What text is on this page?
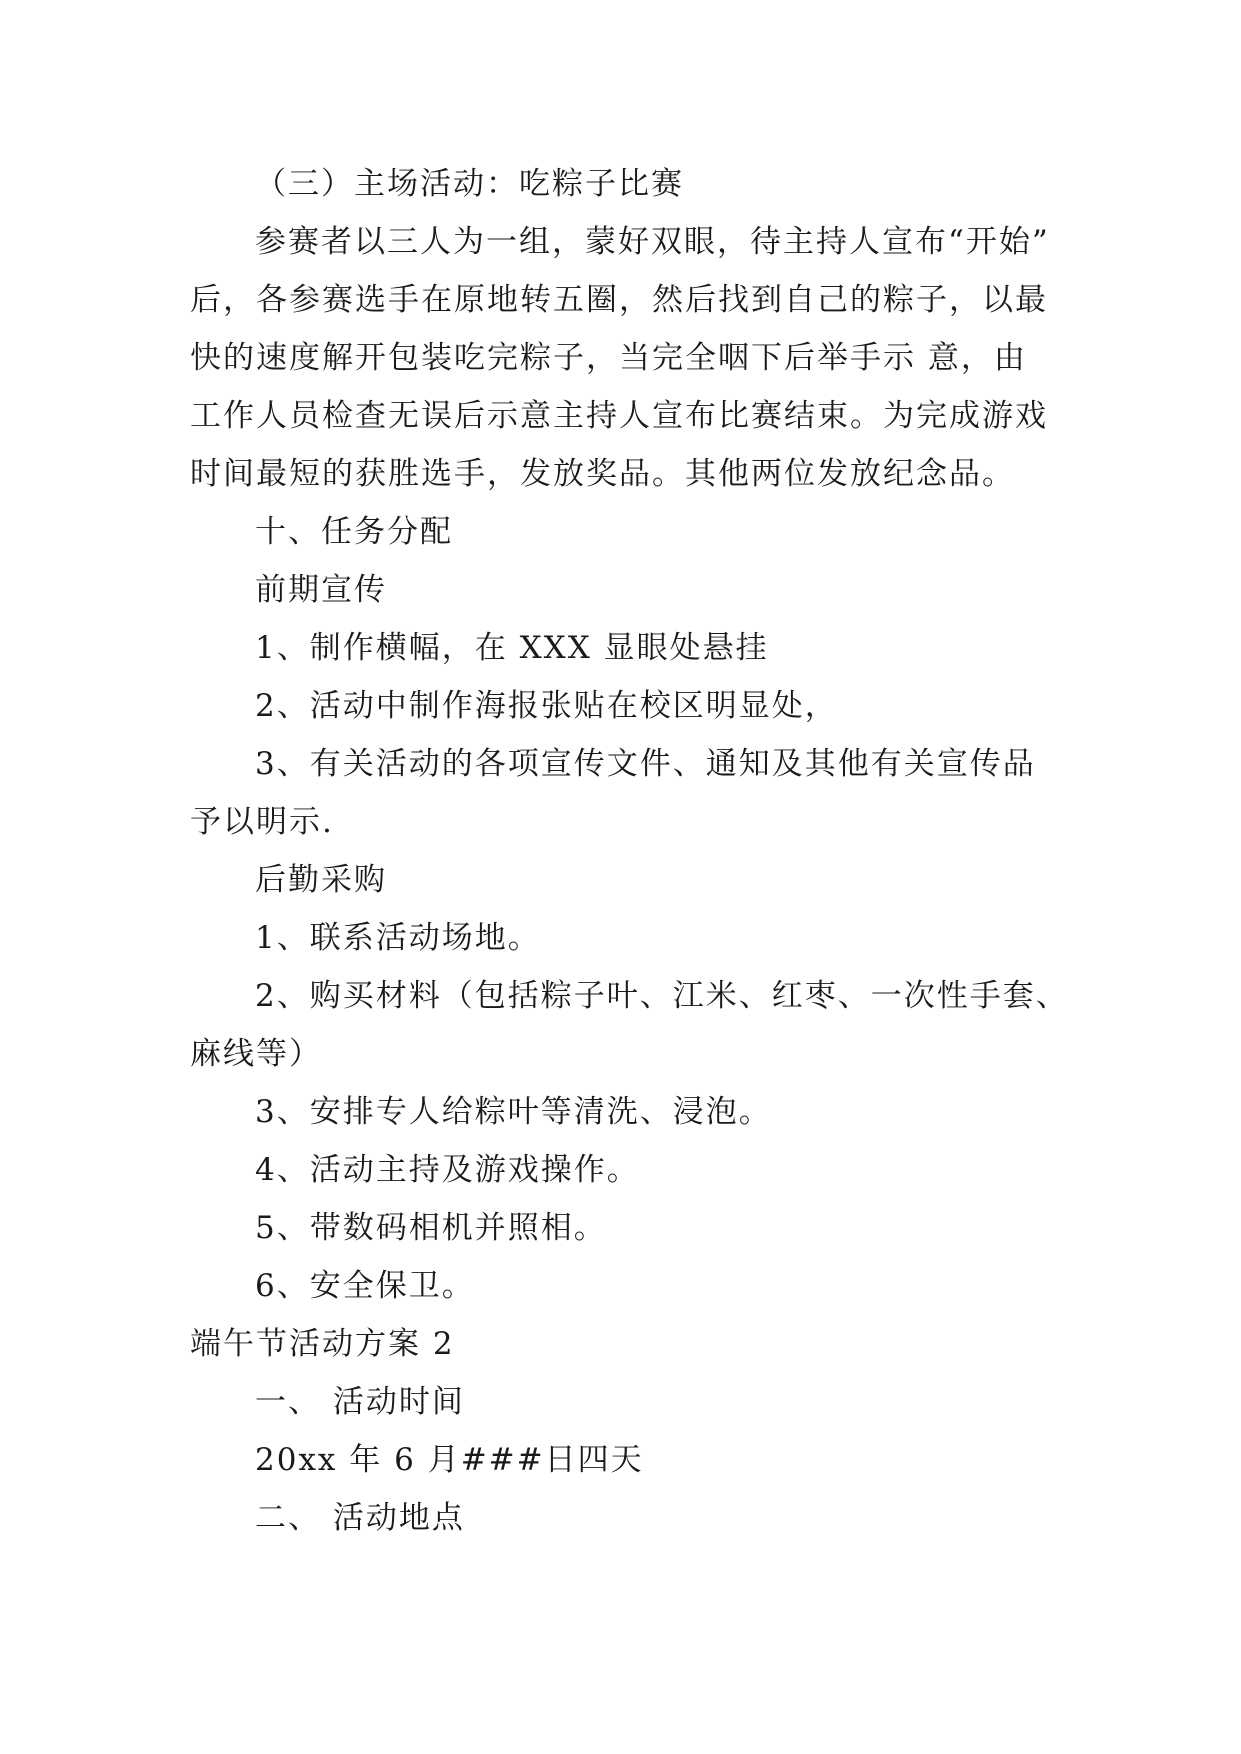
（三）主场活动：吃粽子比赛
参赛者以三人为一组，蒙好双眼，待主持人宣布“开始”
后，各参赛选手在原地转五圈，然后找到自己的粽子，以最
快的速度解开包装吃完粽子，当完全咽下后举手示 意，由
工作人员检查无误后示意主持人宣布比赛结束。为完成游戏
时间最短的获胜选手，发放奖品。其他两位发放纪念品。
十、任务分配
前期宣传
1、制作横幅，在 XXX 显眼处悬挂
2、活动中制作海报张贴在校区明显处，
3、有关活动的各项宣传文件、通知及其他有关宣传品
予以明示.
后勤采购
1、联系活动场地。
2、购买材料（包括粽子叶、江米、红枣、一次性手套、
麻线等）
3、安排专人给粽叶等清洗、浸泡。
4、活动主持及游戏操作。
5、带数码相机并照相。
6、安全保卫。
端午节活动方案 2
一、 活动时间
20xx 年 6 月###日四天
二、 活动地点
